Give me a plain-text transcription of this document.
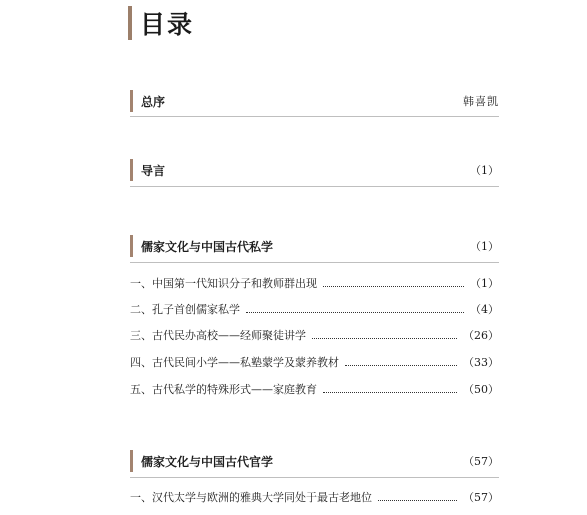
目录
总序	韩喜凯
导言	（1）
儒家文化与中国古代私学	（1）
一、中国第一代知识分子和教师群出现	（1）
二、孔子首创儒家私学	（4）
三、古代民办高校——经师聚徒讲学	（26）
四、古代民间小学——私塾蒙学及蒙养教材	（33）
五、古代私学的特殊形式——家庭教育	（50）
儒家文化与中国古代官学	（57）
一、汉代太学与欧洲的雅典大学同处于最古老地位	（57）
